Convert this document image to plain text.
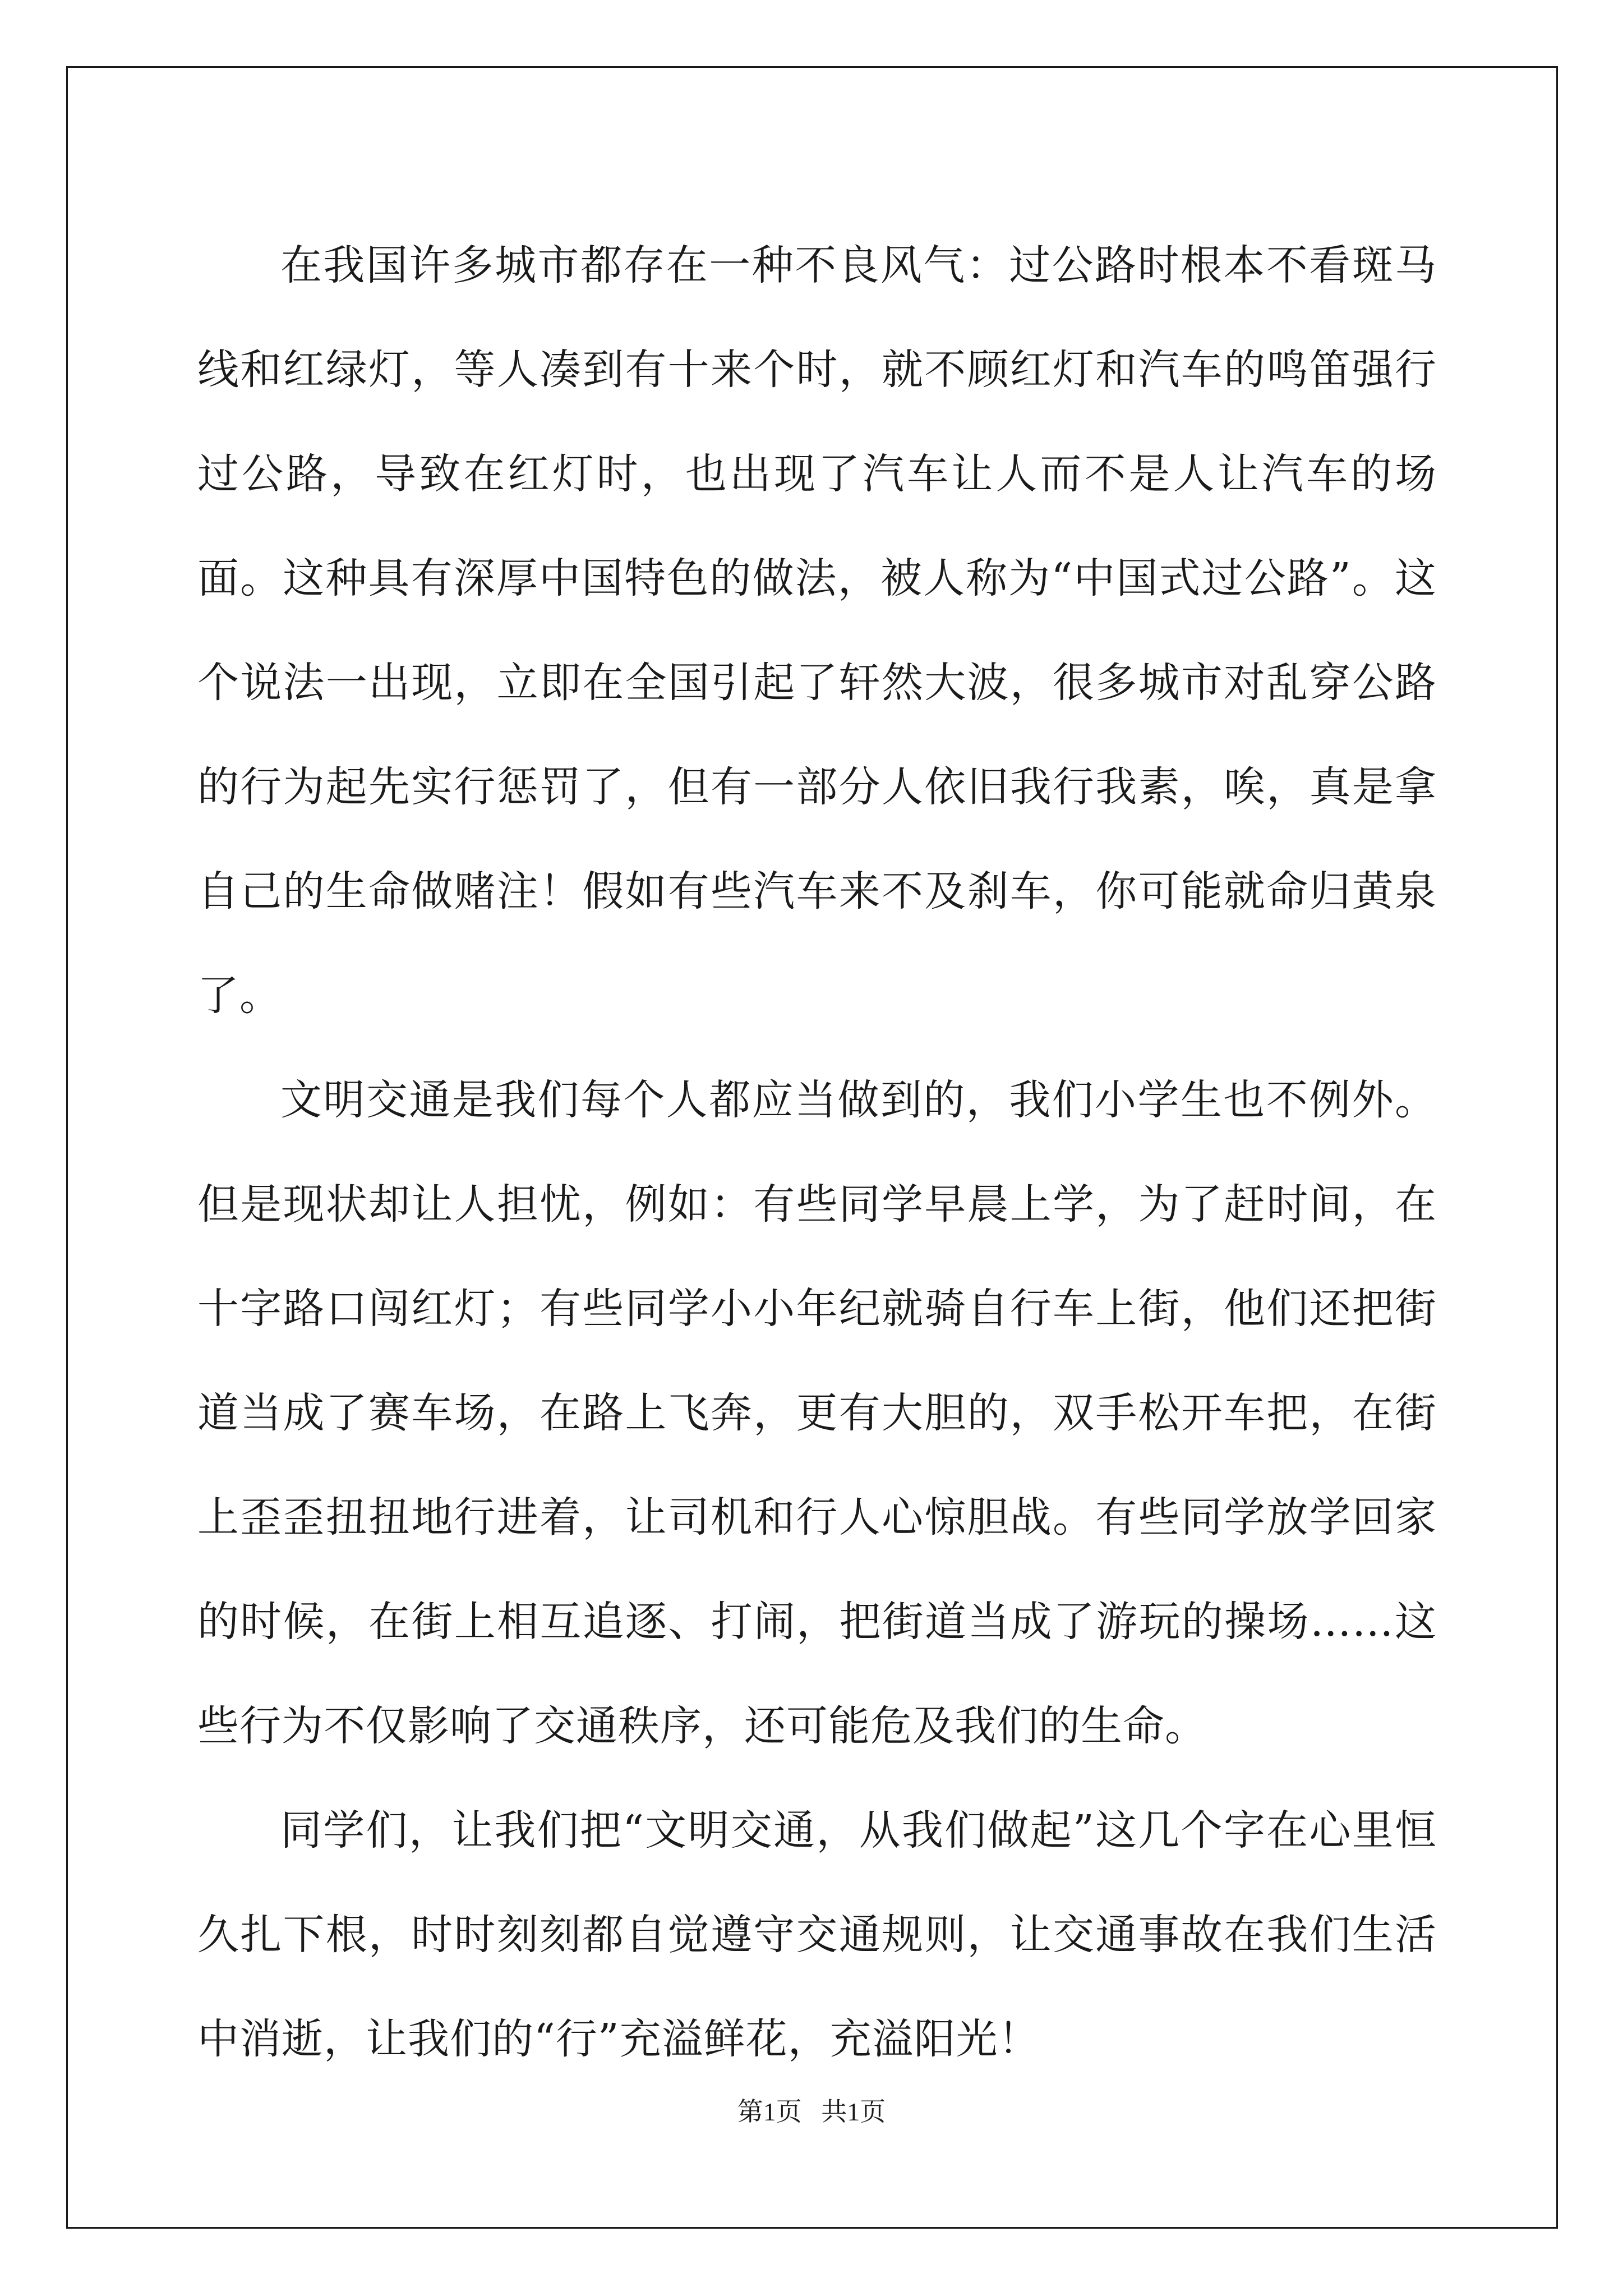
在我国许多城市都存在一种不良风气：过公路时根本不看斑马线和红绿灯，等人凑到有十来个时，就不顾红灯和汽车的鸣笛强行过公路，导致在红灯时，也出现了汽车让人而不是人让汽车的场面。这种具有深厚中国特色的做法，被人称为“中国式过公路”。这个说法一出现，立即在全国引起了轩然大波，很多城市对乱穿公路的行为起先实行惩罚了，但有一部分人依旧我行我素，唉，真是拿自己的生命做赌注！假如有些汽车来不及刹车，你可能就命归黄泉了。

文明交通是我们每个人都应当做到的，我们小学生也不例外。但是现状却让人担忧，例如：有些同学早晨上学，为了赶时间，在十字路口闯红灯；有些同学小小年纪就骑自行车上街，他们还把街道当成了赛车场，在路上飞奔，更有大胆的，双手松开车把，在街上歪歪扭扭地行进着，让司机和行人心惊胆战。有些同学放学回家的时候，在街上相互追逐、打闹，把街道当成了游玩的操场……这些行为不仅影响了交通秩序，还可能危及我们的生命。

同学们，让我们把“文明交通，从我们做起”这几个字在心里恒久扎下根，时时刻刻都自觉遵守交通规则，让交通事故在我们生活中消逝，让我们的“行”充溢鲜花，充溢阳光！

第1页 共1页
